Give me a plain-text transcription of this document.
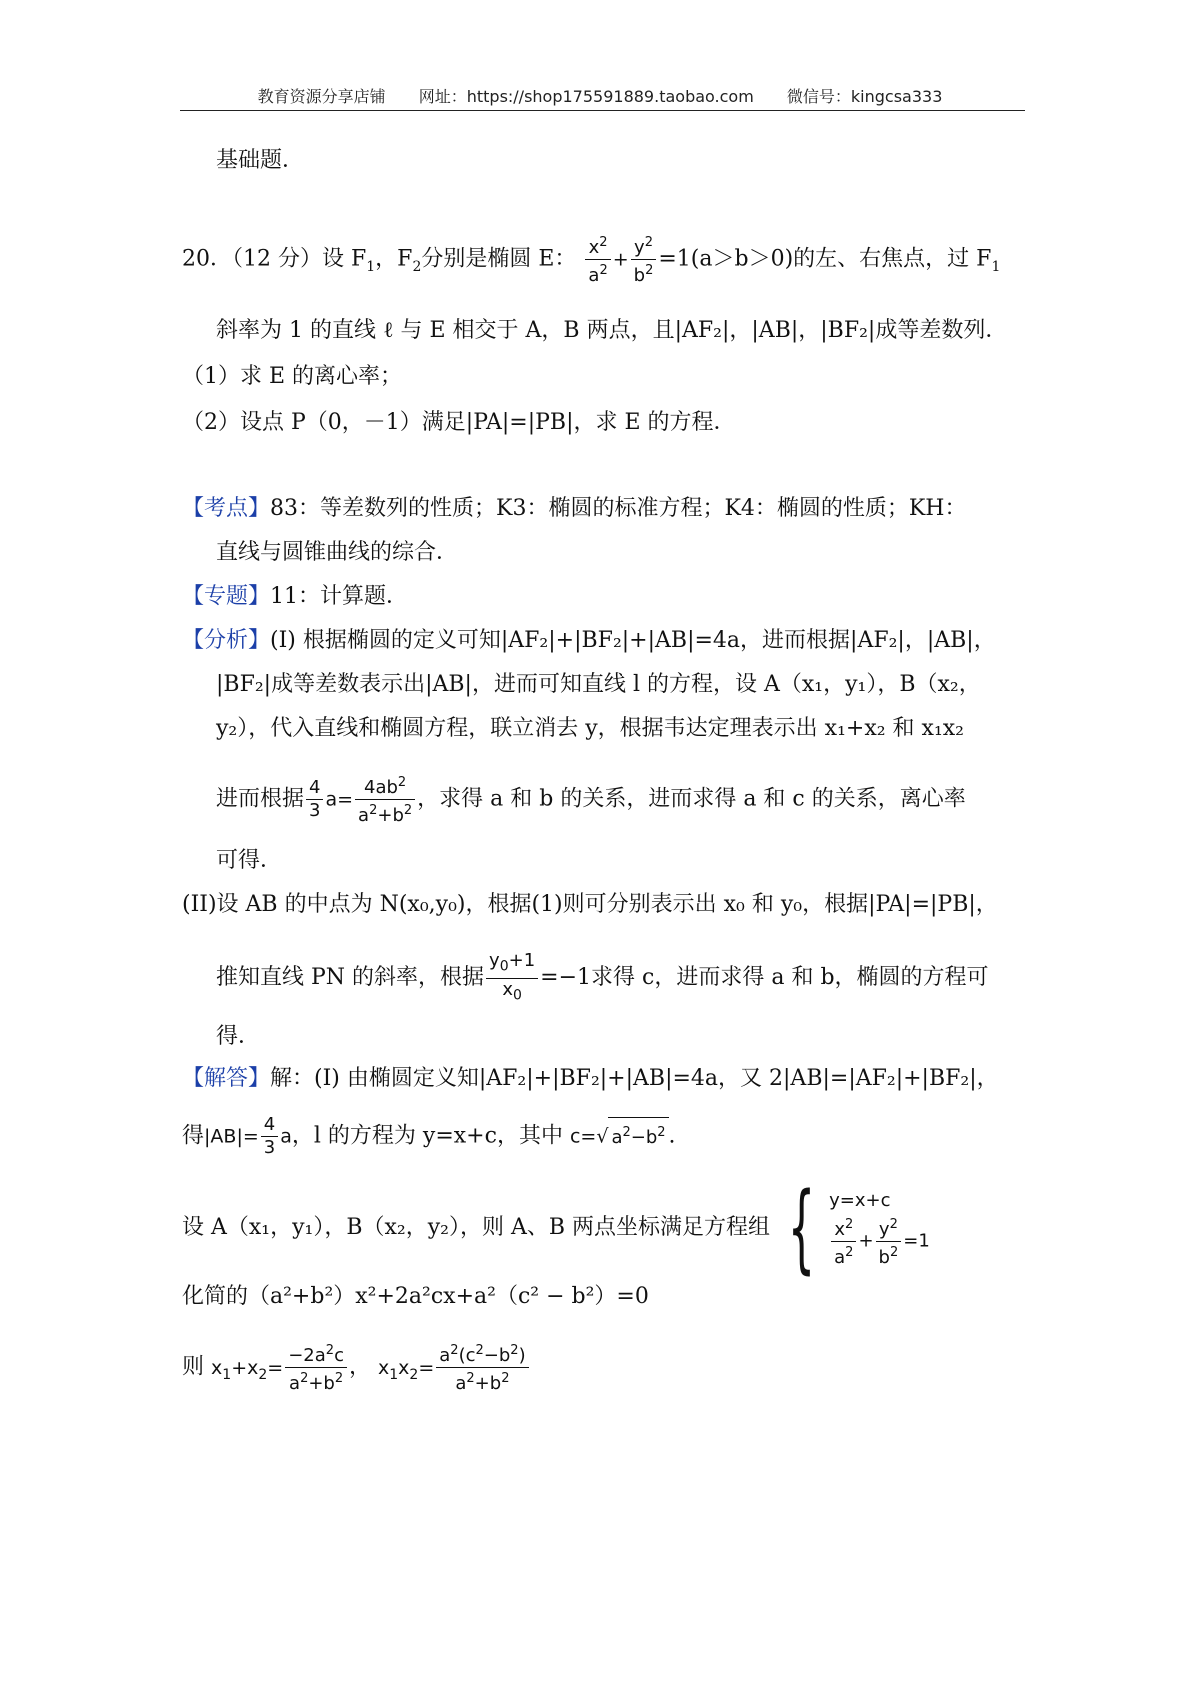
教育资源分享店铺 网址：https://shop175591889.taobao.com 微信号：kingcsa333
基础题．
20．（12 分）设 $F_1$，$F_2$分别是椭圆 E： $\frac{x^2}{a^2} + \frac{y^2}{b^2} =1(a>b>0)$的左、右焦点，过 $F_1$
斜率为 1 的直线 ℓ 与 E 相交于 A，B 两点，且|AF₂|，|AB|，|BF₂|成等差数列．
（1）求 E 的离心率；
（2）设点 P（0，－1）满足|PA|=|PB|，求 E 的方程．
【考点】83：等差数列的性质；K3：椭圆的标准方程；K4：椭圆的性质；KH：
直线与圆锥曲线的综合．
【专题】11：计算题．
【分析】(I) 根据椭圆的定义可知|AF₂|+|BF₂|+|AB|=4a，进而根据|AF₂|，|AB|，
|BF₂|成等差数表示出|AB|，进而可知直线 l 的方程，设 A（x₁，y₁），B（x₂，
y₂），代入直线和椭圆方程，联立消去 y，根据韦达定理表示出 x₁+x₂ 和 x₁x₂
进而根据 $\frac{4}{3} a= \frac{4ab^2}{a^2+b^2}$ ，求得 a 和 b 的关系，进而求得 a 和 c 的关系，离心率
可得．
(II)设 AB 的中点为 N(x₀,y₀)，根据(1)则可分别表示出 x₀ 和 y₀，根据|PA|=|PB|，
推知直线 PN 的斜率，根据 $\frac{y_0+1}{x_0} =-1$求得 c，进而求得 a 和 b，椭圆的方程可
得．
【解答】解：(I) 由椭圆定义知|AF₂|+|BF₂|+|AB|=4a，又 2|AB|=|AF₂|+|BF₂|，
得$|AB|= \frac{4}{3}$ a，l 的方程为 y=x+c，其中 c=√ $a^2-b^2$ .
设 A（x₁，y₁），B（x₂，y₂），则 A、B 两点坐标满足方程组 { y=x+c
$\frac{x^2}{a^2} + \frac{y^2}{b^2} =1$
化简的（a²+b²）x²+2a²cx+a²（c² − b²）=0
则 $x_1+x_2= \frac{-2a^2c}{a^2+b^2}$ ， $x_1x_2= \frac{a^2(c^2-b^2)}{a^2+b^2}$
